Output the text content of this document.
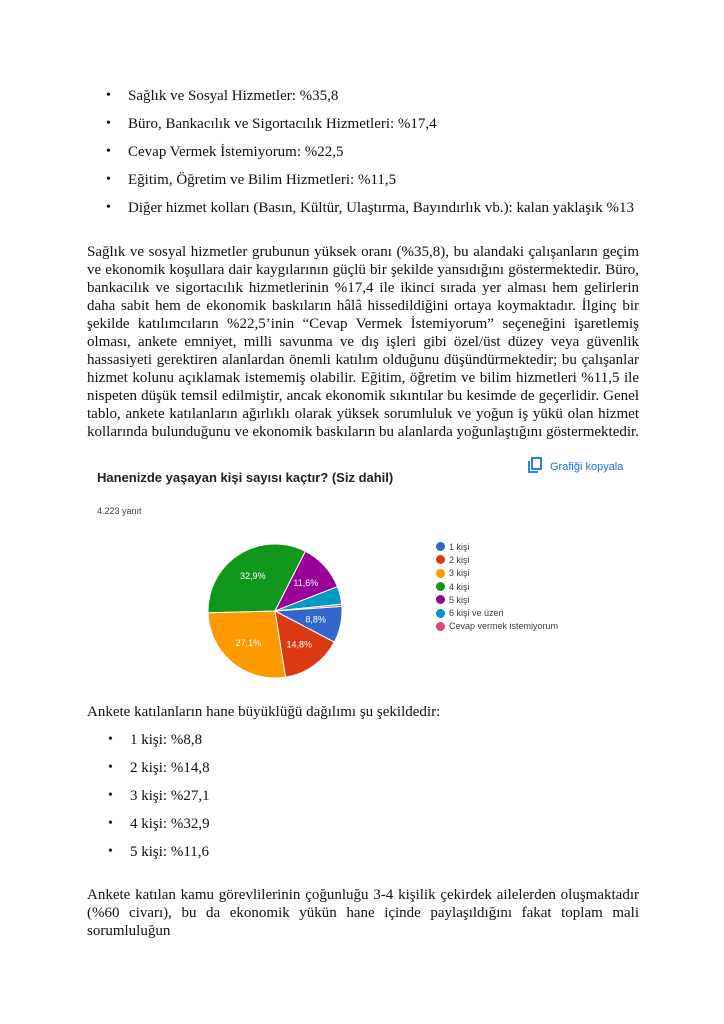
• Sağlık ve Sosyal Hizmetler: %35,8
• Büro, Bankacılık ve Sigortacılık Hizmetleri: %17,4
• Cevap Vermek İstemiyorum: %22,5
• Eğitim, Öğretim ve Bilim Hizmetleri: %11,5
• Diğer hizmet kolları (Basın, Kültür, Ulaştırma, Bayındırlık vb.): kalan yaklaşık %13

Sağlık ve sosyal hizmetler grubunun yüksek oranı (%35,8), bu alandaki çalışanların geçim ve ekonomik koşullara dair kaygılarının güçlü bir şekilde yansıdığını göstermektedir. Büro, bankacılık ve sigortacılık hizmetlerinin %17,4 ile ikinci sırada yer alması hem gelirlerin daha sabit hem de ekonomik baskıların hâlâ hissedildiğini ortaya koymaktadır. İlginç bir şekilde katılımcıların %22,5’inin “Cevap Vermek İstemiyorum” seçeneğini işaretlemiş olması, ankete emniyet, milli savunma ve dış işleri gibi özel/üst düzey veya güvenlik hassasiyeti gerektiren alanlardan önemli katılım olduğunu düşündürmektedir; bu çalışanlar hizmet kolunu açıklamak istememiş olabilir. Eğitim, öğretim ve bilim hizmetleri %11,5 ile nispeten düşük temsil edilmiştir, ancak ekonomik sıkıntılar bu kesimde de geçerlidir. Genel tablo, ankete katılanların ağırlıklı olarak yüksek sorumluluk ve yoğun iş yükü olan hizmet kollarında bulunduğunu ve ekonomik baskıların bu alanlarda yoğunlaştığını göstermektedir.

Hanenizde yaşayan kişi sayısı kaçtır? (Siz dahil)
4.223 yanıt
Grafiği kopyala
8,8%
14,8%
27,1%
32,9%
11,6%
1 kişi
2 kişi
3 kişi
4 kişi
5 kişi
6 kişi ve üzeri
Cevap vermek istemiyorum

Ankete katılanların hane büyüklüğü dağılımı şu şekildedir:

• 1 kişi: %8,8
• 2 kişi: %14,8
• 3 kişi: %27,1
• 4 kişi: %32,9
• 5 kişi: %11,6

Ankete katılan kamu görevlilerinin çoğunluğu 3-4 kişilik çekirdek ailelerden oluşmaktadır (%60 civarı), bu da ekonomik yükün hane içinde paylaşıldığını fakat toplam mali sorumluluğun
